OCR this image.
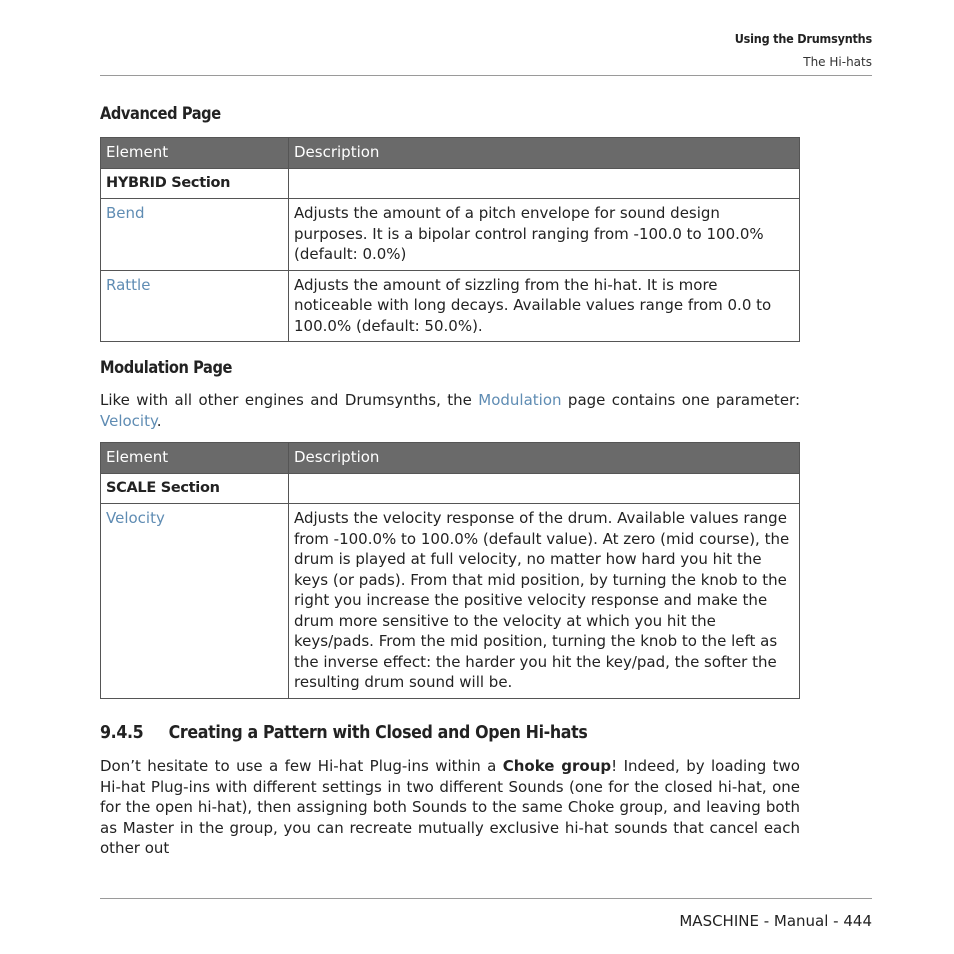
Using the Drumsynths
The Hi-hats
Advanced Page
Element	Description
HYBRID Section	
Bend	Adjusts the amount of a pitch envelope for sound design purposes. It is a bipolar control ranging from -100.0 to 100.0% (default: 0.0%)
Rattle	Adjusts the amount of sizzling from the hi-hat. It is more noticeable with long decays. Available values range from 0.0 to 100.0% (default: 50.0%).
Modulation Page
Like with all other engines and Drumsynths, the Modulation page contains one parameter: Velocity.
Element	Description
SCALE Section	
Velocity	Adjusts the velocity response of the drum. Available values range from -100.0% to 100.0% (default value). At zero (mid course), the drum is played at full velocity, no matter how hard you hit the keys (or pads). From that mid position, by turning the knob to the right you increase the positive velocity response and make the drum more sensitive to the velocity at which you hit the keys/pads. From the mid position, turning the knob to the left as the inverse effect: the harder you hit the key/pad, the softer the resulting drum sound will be.
9.4.5 Creating a Pattern with Closed and Open Hi-hats
Don’t hesitate to use a few Hi-hat Plug-ins within a Choke group! Indeed, by loading two Hi-hat Plug-ins with different settings in two different Sounds (one for the closed hi-hat, one for the open hi-hat), then assigning both Sounds to the same Choke group, and leaving both as Master in the group, you can recreate mutually exclusive hi-hat sounds that cancel each other out
MASCHINE - Manual - 444
